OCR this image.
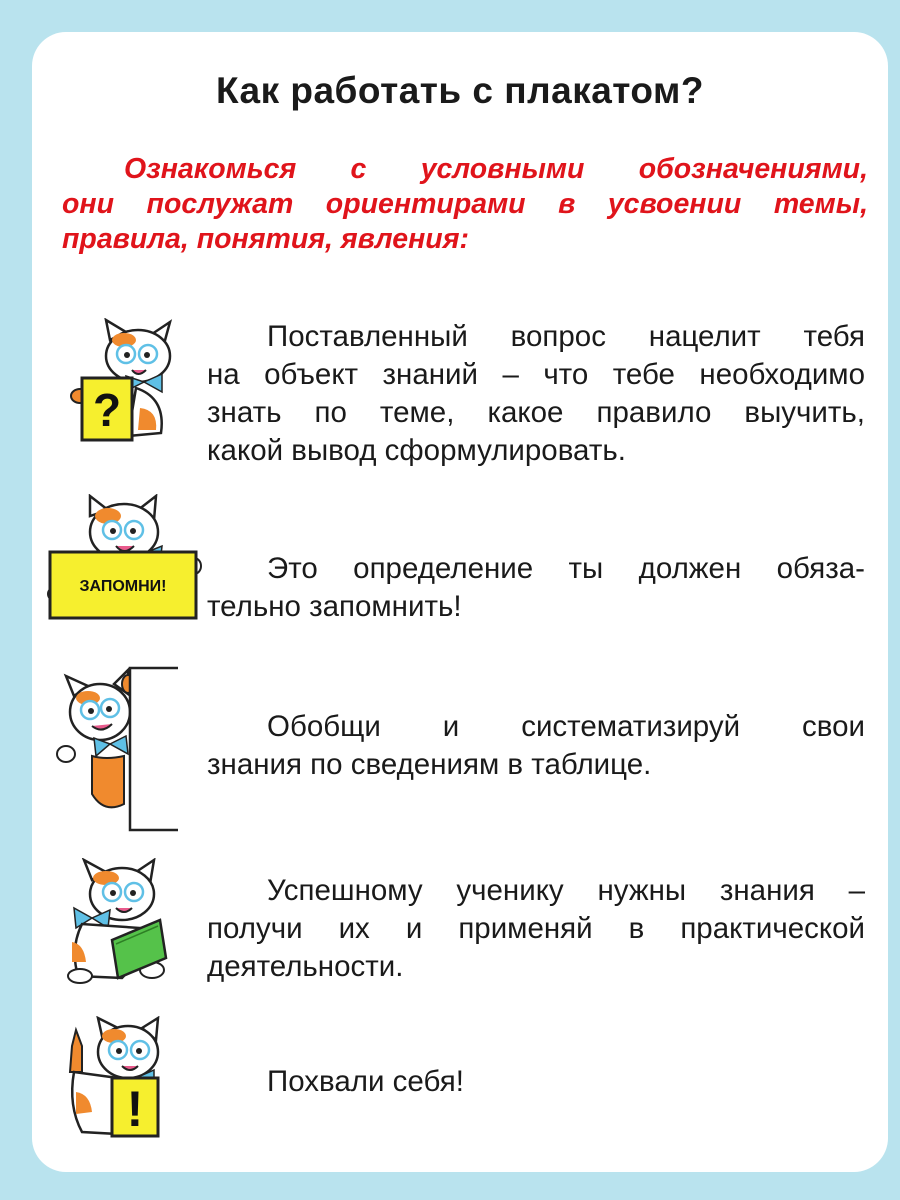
Как работать с плакатом?
Ознакомься с условными обозначениями,
они послужат ориентирами в усвоении темы,
правила, понятия, явления:
?
Поставленный вопрос нацелит тебя
на объект знаний – что тебе необходимо
знать по теме, какое правило выучить,
какой вывод сформулировать.
ЗАПОМНИ!
Это определение ты должен обяза-
тельно запомнить!
Обобщи и систематизируй свои
знания по сведениям в таблице.
Успешному ученику нужны знания –
получи их и применяй в практической
деятельности.
!	Похвали себя!
